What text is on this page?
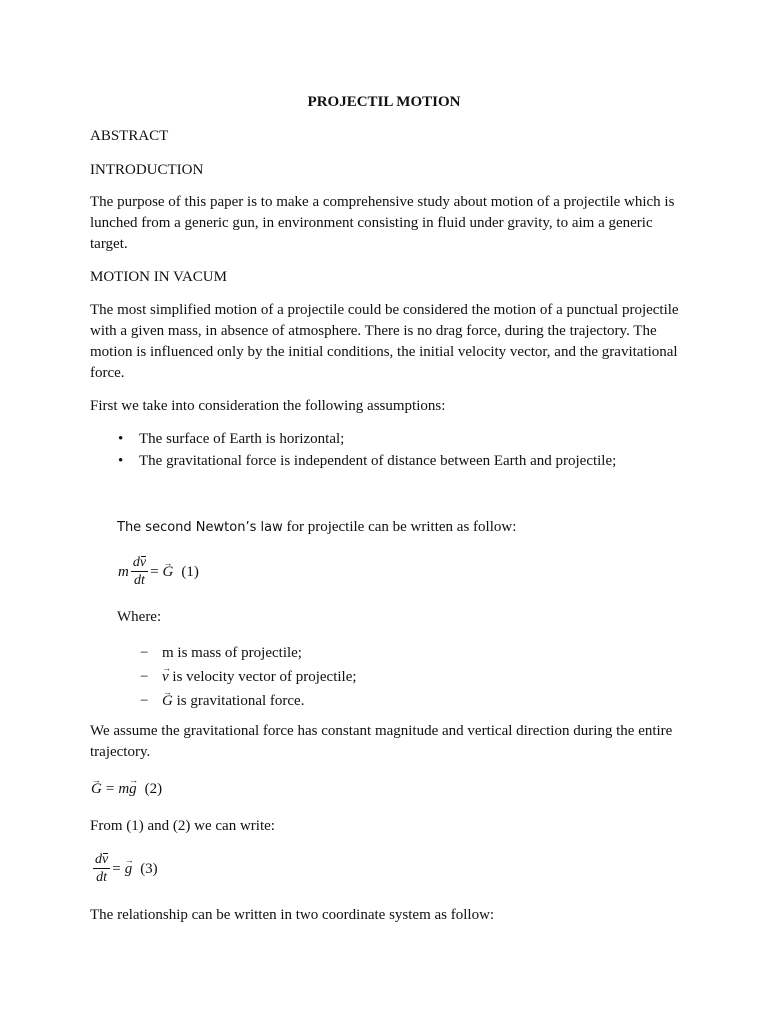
PROJECTIL MOTION
ABSTRACT
INTRODUCTION
The purpose of this paper is to make a comprehensive study about motion of a projectile which is lunched from a generic gun, in environment consisting in fluid under gravity, to aim a generic target.
MOTION IN VACUM
The most simplified motion of a projectile could be considered the motion of a punctual projectile with a given mass, in absence of atmosphere. There is no drag force, during the trajectory. The motion is influenced only by the initial conditions, the initial velocity vector, and the gravitational force.
First we take into consideration the following assumptions:
• The surface of Earth is horizontal;
• The gravitational force is independent of distance between Earth and projectile;
The second Newton’s law for projectile can be written as follow:
m $\frac{dv}{dt} = G \to (1)$
Where:
− m is mass of projectile;
− v → is velocity vector of projectile;
− G → is gravitational force.
We assume the gravitational force has constant magnitude and vertical direction during the entire trajectory.
G → = m g → (2)
From (1) and (2) we can write:
$\frac{dv}{dt} = g \to (3)$
The relationship can be written in two coordinate system as follow:
